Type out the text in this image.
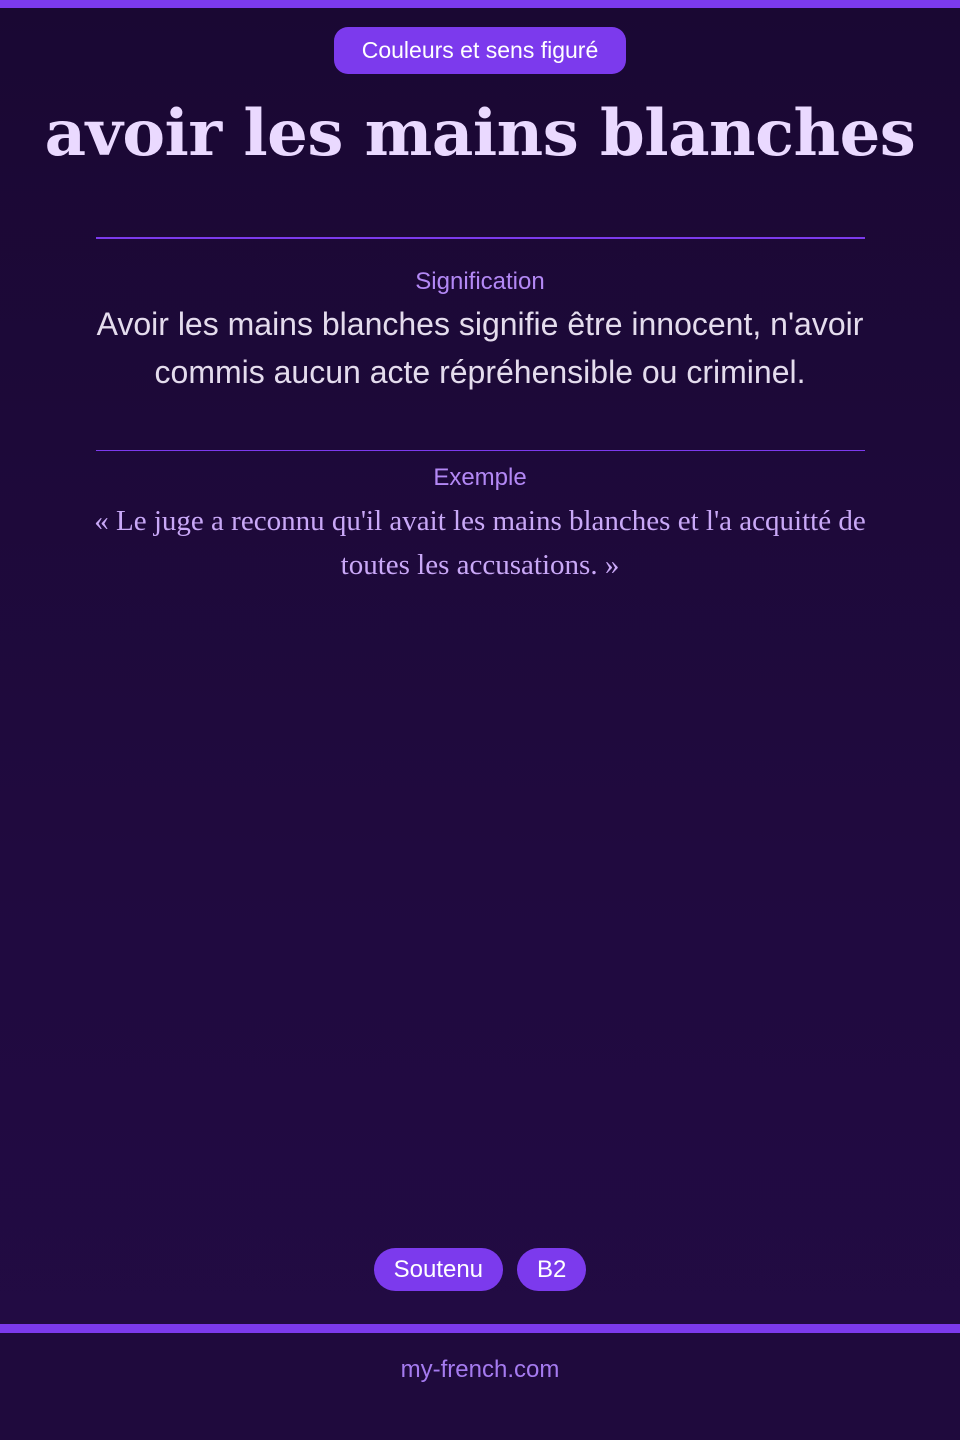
Couleurs et sens figuré
avoir les mains blanches
Signification

Avoir les mains blanches signifie être innocent, n'avoir commis aucun acte répréhensible ou criminel.

Exemple

« Le juge a reconnu qu'il avait les mains blanches et l'a acquitté de toutes les accusations. »

Soutenu	B2
my-french.com
